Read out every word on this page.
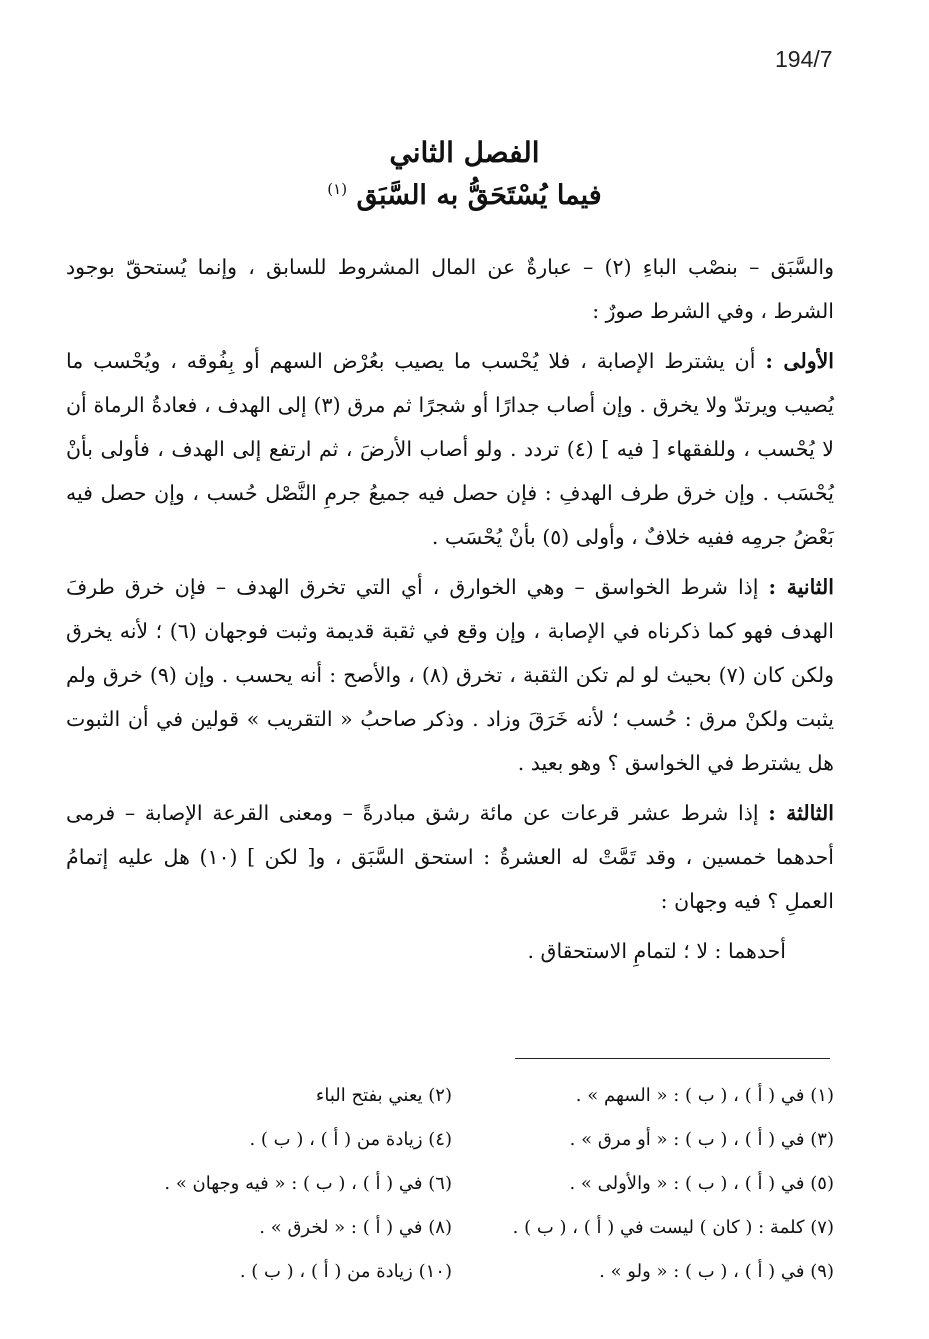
194/7
الفصل الثاني
فيما يُسْتَحَقُّ به السَّبَق $^{(١)}$

والسَّبَق – بنصْب الباءِ (٢) – عبارةٌ عن المال المشروط للسابق ، وإنما يُستحقّ بوجود الشرط ، وفي الشرط صورٌ :

الأولى : أن يشترط الإصابة ، فلا يُحْسب ما يصيب بعُرْض السهم أو بِفُوقه ، ويُحْسب ما يُصيب ويرتدّ ولا يخرق . وإن أصاب جدارًا أو شجرًا ثم مرق (٣) إلى الهدف ، فعادةُ الرماة أن لا يُحْسب ، وللفقهاء [ فيه ] (٤) تردد . ولو أصاب الأرضَ ، ثم ارتفع إلى الهدف ، فأولى بأنْ يُحْسَب . وإن خرق طرف الهدفِ : فإن حصل فيه جميعُ جرمِ النَّصْل حُسب ، وإن حصل فيه بَعْضُ جرمِه ففيه خلافٌ ، وأولى (٥) بأنْ يُحْسَب .

الثانية : إذا شرط الخواسق – وهي الخوارق ، أي التي تخرق الهدف – فإن خرق طرفَ الهدف فهو كما ذكرناه في الإصابة ، وإن وقع في ثقبة قديمة وثبت فوجهان (٦) ؛ لأنه يخرق ولكن كان (٧) بحيث لو لم تكن الثقبة ، تخرق (٨) ، والأصح : أنه يحسب . وإن (٩) خرق ولم يثبت ولكنْ مرق : حُسب ؛ لأنه خَرَقَ وزاد . وذكر صاحبُ « التقريب » قولين في أن الثبوت هل يشترط في الخواسق ؟ وهو بعيد .

الثالثة : إذا شرط عشر قرعات عن مائة رشق مبادرةً – ومعنى القرعة الإصابة – فرمى أحدهما خمسين ، وقد تَمَّتْ له العشرةُ : استحق السَّبَق ، و[ لكن ] (١٠) هل عليه إتمامُ العملِ ؟ فيه وجهان :

أحدهما : لا ؛ لتمامِ الاستحقاق .

(١) في ( أ ) ، ( ب ) : « السهم » .
(٢) يعني بفتح الباء
(٣) في ( أ ) ، ( ب ) : « أو مرق » .
(٤) زيادة من ( أ ) ، ( ب ) .
(٥) في ( أ ) ، ( ب ) : « والأولى » .
(٦) في ( أ ) ، ( ب ) : « فيه وجهان » .
(٧) كلمة : ( كان ) ليست في ( أ ) ، ( ب ) .
(٨) في ( أ ) : « لخرق » .
(٩) في ( أ ) ، ( ب ) : « ولو » .
(١٠) زيادة من ( أ ) ، ( ب ) .
